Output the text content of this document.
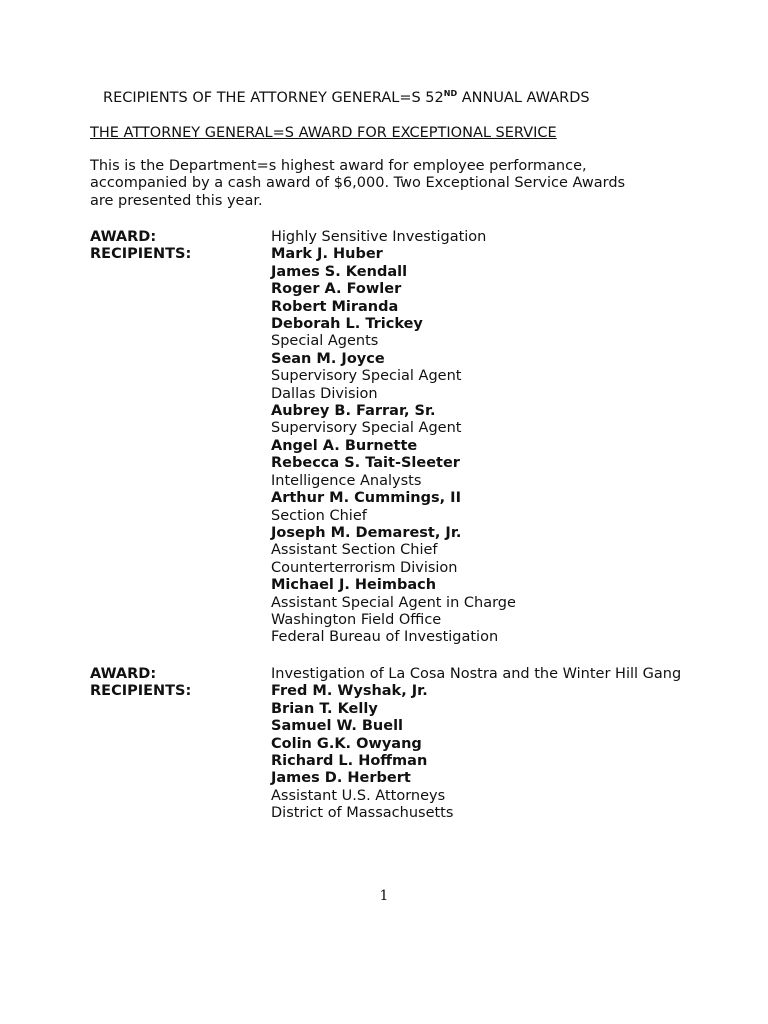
RECIPIENTS OF THE ATTORNEY GENERAL=S 52ND ANNUAL AWARDS
THE ATTORNEY GENERAL=S AWARD FOR EXCEPTIONAL SERVICE
This is the Department=s highest award for employee performance,
accompanied by a cash award of $6,000. Two Exceptional Service Awards
are presented this year.
AWARD:	Highly Sensitive Investigation
RECIPIENTS:	Mark J. Huber
James S. Kendall
Roger A. Fowler
Robert Miranda
Deborah L. Trickey
Special Agents
Sean M. Joyce
Supervisory Special Agent
Dallas Division
Aubrey B. Farrar, Sr.
Supervisory Special Agent
Angel A. Burnette
Rebecca S. Tait-Sleeter
Intelligence Analysts
Arthur M. Cummings, II
Section Chief
Joseph M. Demarest, Jr.
Assistant Section Chief
Counterterrorism Division
Michael J. Heimbach
Assistant Special Agent in Charge
Washington Field Office
Federal Bureau of Investigation
AWARD:	Investigation of La Cosa Nostra and the Winter Hill Gang
RECIPIENTS:	Fred M. Wyshak, Jr.
Brian T. Kelly
Samuel W. Buell
Colin G.K. Owyang
Richard L. Hoffman
James D. Herbert
Assistant U.S. Attorneys
District of Massachusetts
1
